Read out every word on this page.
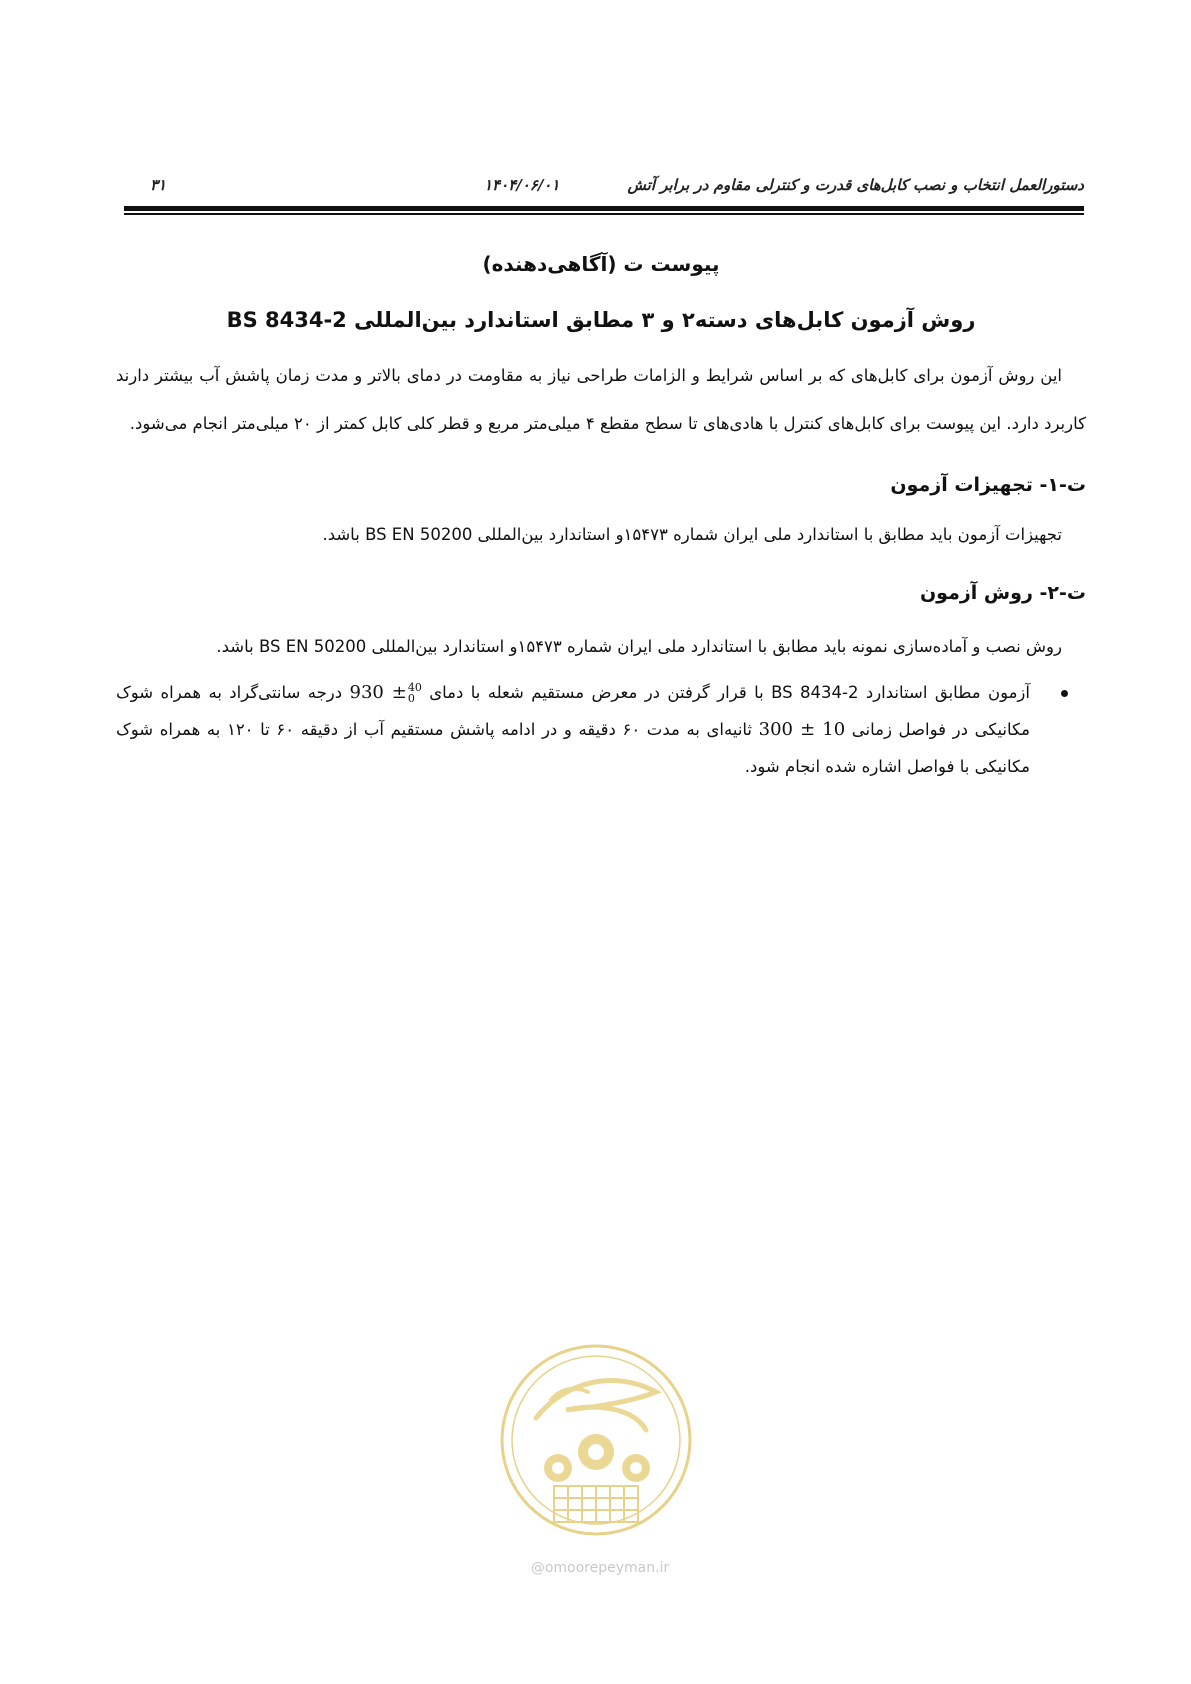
دستورالعمل انتخاب و نصب کابل‌های قدرت و کنترلی مقاوم در برابر آتش
۱۴۰۴/۰۶/۰۱
۳۱
پیوست ت (آگاهی‌دهنده)
روش آزمون کابل‌های دسته۲ و ۳ مطابق استاندارد بین‌المللی BS 8434-2

این روش آزمون برای کابل‌های که بر اساس شرایط و الزامات طراحی نیاز به مقاومت در دمای بالاتر و مدت زمان پاشش آب بیشتر دارند کاربرد دارد. این پیوست برای کابل‌های کنترل با هادی‌های تا سطح مقطع ۴ میلی‌متر مربع و قطر کلی کابل کمتر از ۲۰ میلی‌متر انجام می‌شود.

ت-۱- تجهیزات آزمون

تجهیزات آزمون باید مطابق با استاندارد ملی ایران شماره ۱۵۴۷۳و استاندارد بین‌المللی BS EN 50200 باشد.

ت-۲- روش آزمون

روش نصب و آماده‌سازی نمونه باید مطابق با استاندارد ملی ایران شماره ۱۵۴۷۳و استاندارد بین‌المللی BS EN 50200 باشد.

آزمون مطابق استاندارد BS 8434-2 با قرار گرفتن در معرض مستقیم شعله با دمای 930 ± 40
0
درجه سانتی‌گراد به همراه شوک مکانیکی در فواصل زمانی 300 ± 10 ثانیه‌ای به مدت ۶۰ دقیقه و در ادامه پاشش مستقیم آب از دقیقه ۶۰ تا ۱۲۰ به همراه شوک مکانیکی با فواصل اشاره شده انجام شود.
@omoorepeyman.ir
